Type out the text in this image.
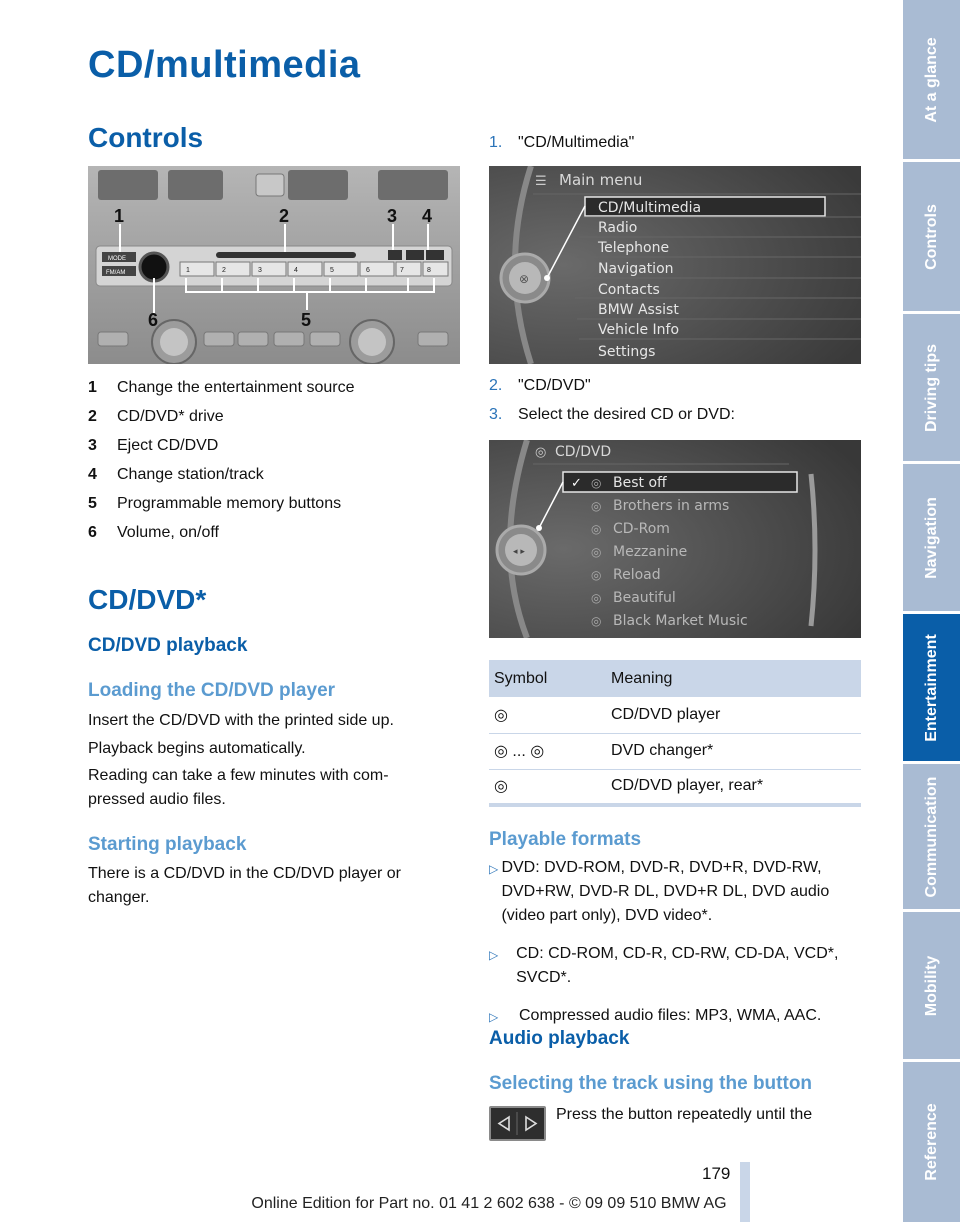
CD/multimedia
Controls
MODE
FM/AM	1	2	3	4	5	6	7	8
1	2	3 4
5
6
1	Change the entertainment source
2	CD/DVD* drive
3	Eject CD/DVD
4	Change station/track
5	Programmable memory buttons
6	Volume, on/off
CD/DVD*
CD/DVD playback
Loading the CD/DVD player
Insert the CD/DVD with the printed side up.
Playback begins automatically.
Reading can take a few minutes with com-
pressed audio files.
Starting playback
There is a CD/DVD in the CD/DVD player or changer.
1. "CD/Multimedia"
⊗
☰ Main menu
CD/Multimedia
Radio
Telephone
Navigation
Contacts
BMW Assist
Vehicle Info
Settings
2. "CD/DVD"
3. Select the desired CD or DVD:
◂ ▸
◎ CD/DVD
✓ ◎
◎
◎
◎
◎
◎
◎
Best off
Brothers in arms
CD-Rom
Mezzanine
Reload
Beautiful
Black Market Music
Symbol	Meaning
◎	CD/DVD player
◎ ... ◎	DVD changer*
◎	CD/DVD player, rear*
Playable formats
▷ DVD: DVD-ROM, DVD-R, DVD+R, DVD-RW, DVD+RW, DVD-R DL, DVD+R DL, DVD audio (video part only), DVD video*.
▷	CD: CD-ROM, CD-R, CD-RW, CD-DA, VCD*, SVCD*.
▷	Compressed audio files: MP3, WMA, AAC.
Audio playback
Selecting the track using the button
Press the button repeatedly until the
179
Online Edition for Part no. 01 41 2 602 638 - © 09 09 510 BMW AG
At a glance
Controls
Driving tips
Navigation
Entertainment
Communication
Mobility
Reference
